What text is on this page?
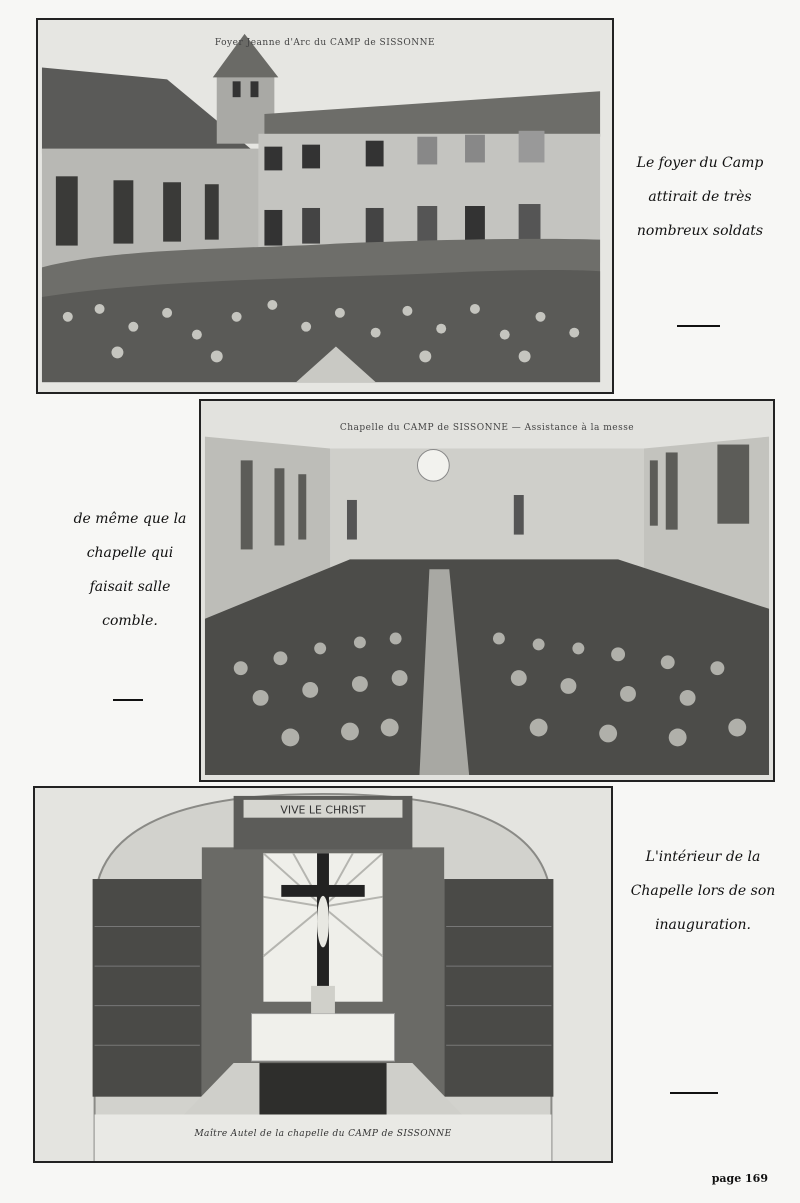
Foyer Jeanne d'Arc du CAMP de SISSONNE
Le foyer du Camp
attirait de très
nombreux soldats
Chapelle du CAMP de SISSONNE — Assistance à la messe
de même que la
chapelle qui
faisait salle
comble.
VIVE LE CHRIST
Maître Autel de la chapelle du CAMP de SISSONNE
L'intérieur de la
Chapelle lors de son
inauguration.
page 169
